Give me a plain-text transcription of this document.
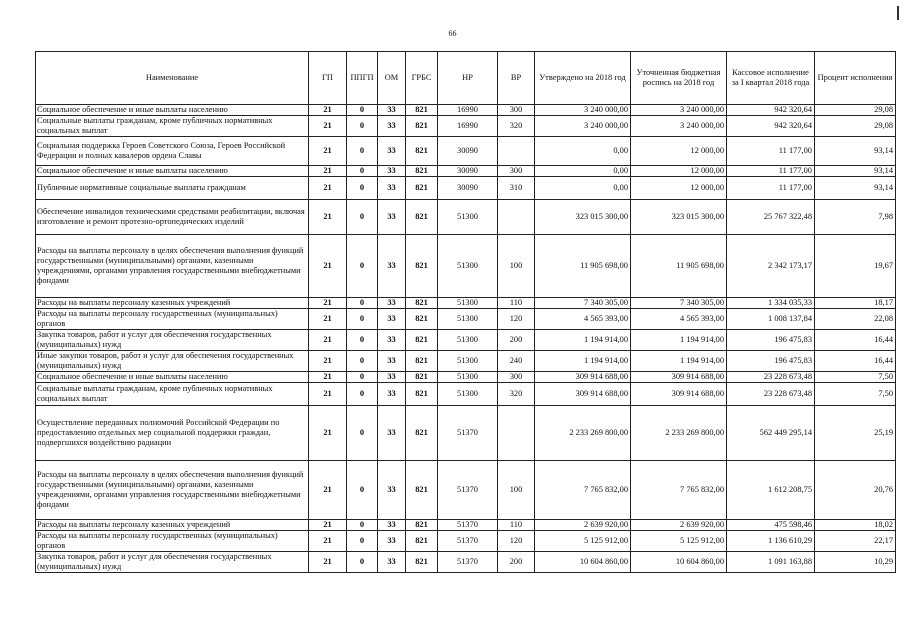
66
Наименование	ГП	ППГП	ОМ	ГРБС	НР	ВР	Утверждено на 2018 год	Уточненная бюджетная роспись на 2018 год	Кассовое исполнение за I квартал 2018 года	Процент исполнения
Социальное обеспечение и иные выплаты населению	21	0	33	821	16990	300	3 240 000,00	3 240 000,00	942 320,64	29,08
Социальные выплаты гражданам, кроме публичных нормативных социальных выплат	21	0	33	821	16990	320	3 240 000,00	3 240 000,00	942 320,64	29,08
Социальная поддержка Героев Советского Союза, Героев Российской Федерации и полных кавалеров ордена Славы	21	0	33	821	30090		0,00	12 000,00	11 177,00	93,14
Социальное обеспечение и иные выплаты населению	21	0	33	821	30090	300	0,00	12 000,00	11 177,00	93,14
Публичные нормативные социальные выплаты гражданам	21	0	33	821	30090	310	0,00	12 000,00	11 177,00	93,14
Обеспечение инвалидов техническими средствами реабилитации, включая изготовление и ремонт протезно-ортопедических изделий	21	0	33	821	51300		323 015 300,00	323 015 300,00	25 767 322,48	7,98
Расходы на выплаты персоналу в целях обеспечения выполнения функций государственными (муниципальными) органами, казенными учреждениями, органами управления государственными внебюджетными фондами	21	0	33	821	51300	100	11 905 698,00	11 905 698,00	2 342 173,17	19,67
Расходы на выплаты персоналу казенных учреждений	21	0	33	821	51300	110	7 340 305,00	7 340 305,00	1 334 035,33	18,17
Расходы на выплаты персоналу государственных (муниципальных) органов	21	0	33	821	51300	120	4 565 393,00	4 565 393,00	1 008 137,84	22,08
Закупка товаров, работ и услуг для обеспечения государственных (муниципальных) нужд	21	0	33	821	51300	200	1 194 914,00	1 194 914,00	196 475,83	16,44
Иные закупки товаров, работ и услуг для обеспечения государственных (муниципальных) нужд	21	0	33	821	51300	240	1 194 914,00	1 194 914,00	196 475,83	16,44
Социальное обеспечение и иные выплаты населению	21	0	33	821	51300	300	309 914 688,00	309 914 688,00	23 228 673,48	7,50
Социальные выплаты гражданам, кроме публичных нормативных социальных выплат	21	0	33	821	51300	320	309 914 688,00	309 914 688,00	23 228 673,48	7,50
Осуществление переданных полномочий Российской Федерации по предоставлению отдельных мер социальной поддержки граждан, подвергшихся воздействию радиации	21	0	33	821	51370		2 233 269 800,00	2 233 269 800,00	562 449 295,14	25,19
Расходы на выплаты персоналу в целях обеспечения выполнения функций государственными (муниципальными) органами, казенными учреждениями, органами управления государственными внебюджетными фондами	21	0	33	821	51370	100	7 765 832,00	7 765 832,00	1 612 208,75	20,76
Расходы на выплаты персоналу казенных учреждений	21	0	33	821	51370	110	2 639 920,00	2 639 920,00	475 598,46	18,02
Расходы на выплаты персоналу государственных (муниципальных) органов	21	0	33	821	51370	120	5 125 912,00	5 125 912,00	1 136 610,29	22,17
Закупка товаров, работ и услуг для обеспечения государственных (муниципальных) нужд	21	0	33	821	51370	200	10 604 860,00	10 604 860,00	1 091 163,88	10,29
